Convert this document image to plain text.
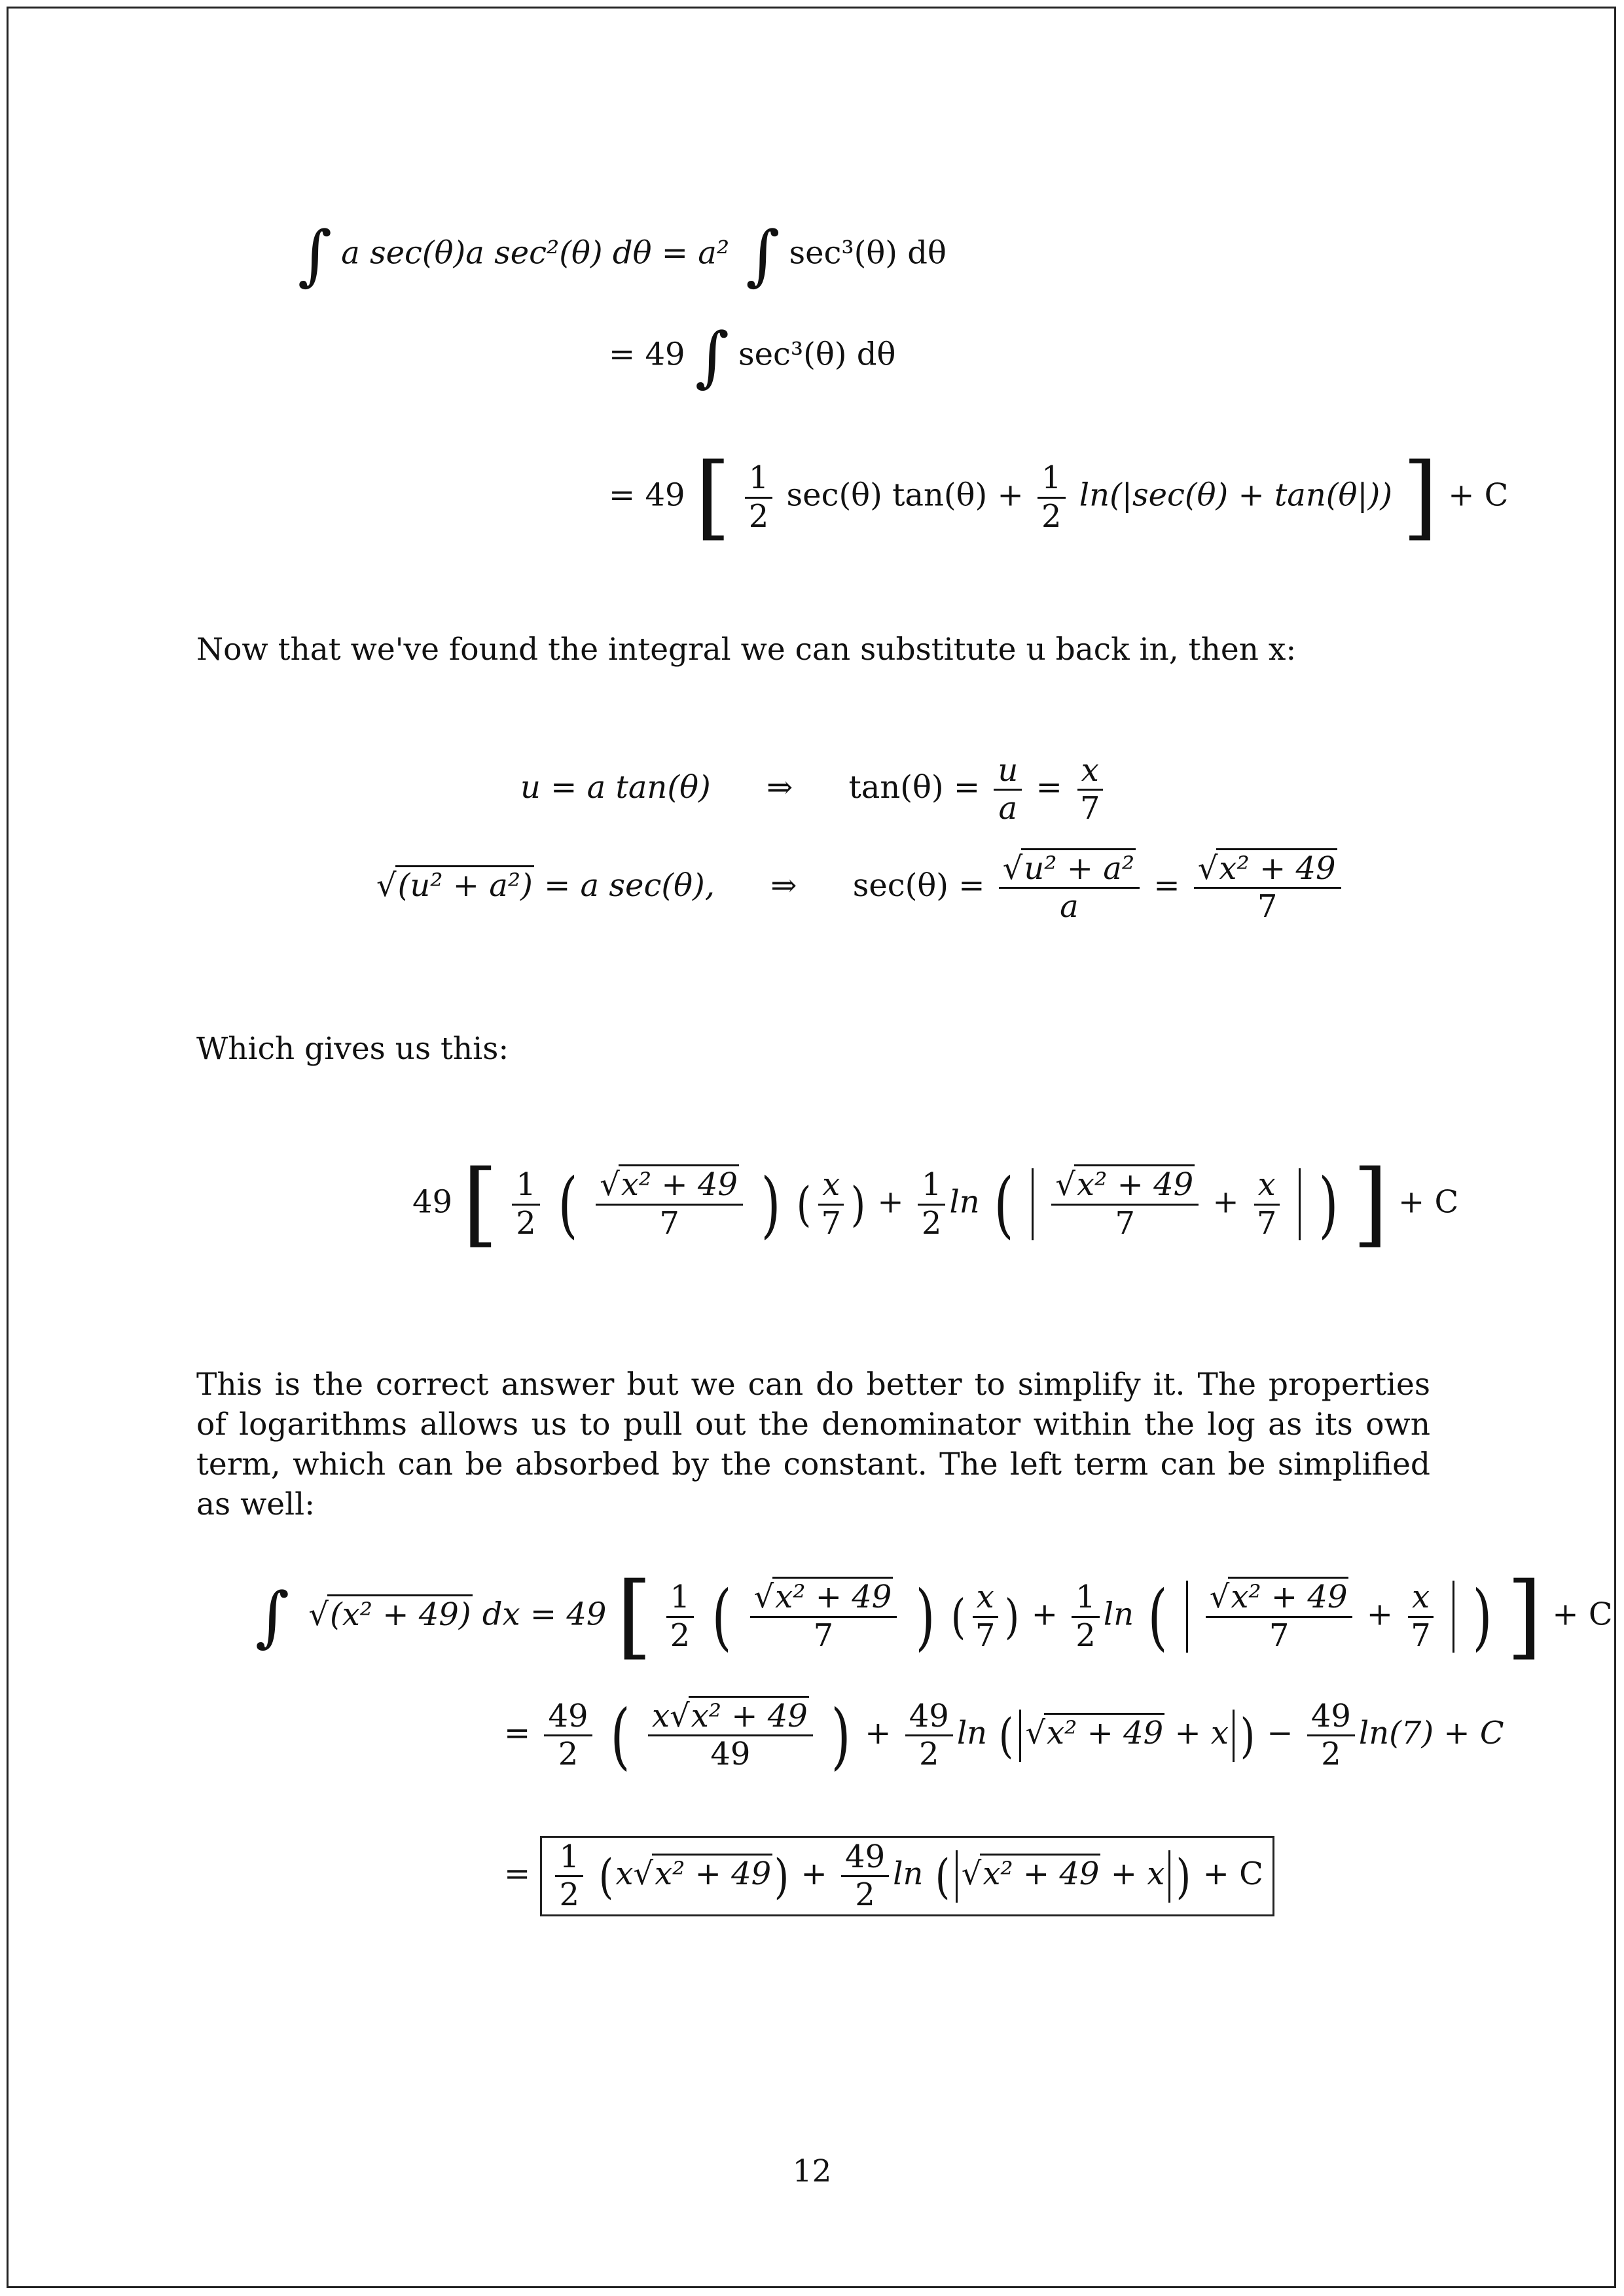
∫ a sec(θ)a sec²(θ) dθ = a² ∫ sec³(θ) dθ
= 49 ∫ sec³(θ) dθ
= 49 [ $\frac{1}{2} \sec(\theta) \tan(\theta) + \frac{1}{2} \ln(|\sec(\theta) + \tan(\theta|))$ ] + C
Now that we've found the integral we can substitute u back in, then x:
u = a tan(θ) ⇒ $\tan(\theta) = \frac{u}{a} = \frac{x}{7}$
√(u² + a²) = a sec(θ), ⇒ $\sec(\theta) = \frac{\text{√u² + a²}}{a} = \frac{\text{√x² + 49}}{7}$
Which gives us this:
49 [ $\frac{1}{2}$ ( $\frac{\text{√x² + 49}}{7}$ ) ( $\frac{x}{7}$ ) + $\frac{1}{2}$ ln ( $\frac{\text{√x² + 49}}{7} + \frac{x}{7}$ ) ] + C
This is the correct answer but we can do better to simplify it. The properties of logarithms allows us to pull out the denominator within the log as its own term, which can be absorbed by the constant. The left term can be simplified as well:
∫ √(x² + 49) dx = 49 [ $\frac{1}{2}$ ( $\frac{\text{√x² + 49}}{7}$ ) ( $\frac{x}{7}$ ) + $\frac{1}{2}$ ln ( $\frac{\text{√x² + 49}}{7} + \frac{x}{7}$ ) ] + C
= $\frac{49}{2}$ ( $\frac{\text{x√x² + 49}}{49}$ ) + $\frac{49}{2}$ ln ( √x² + 49 + x ) − $\frac{49}{2} \ln(7) + C$
= $\frac{1}{2} (x√x^2 + 49) + \frac{49}{2}$ ln ( √x² + 49 + x ) + C
12
